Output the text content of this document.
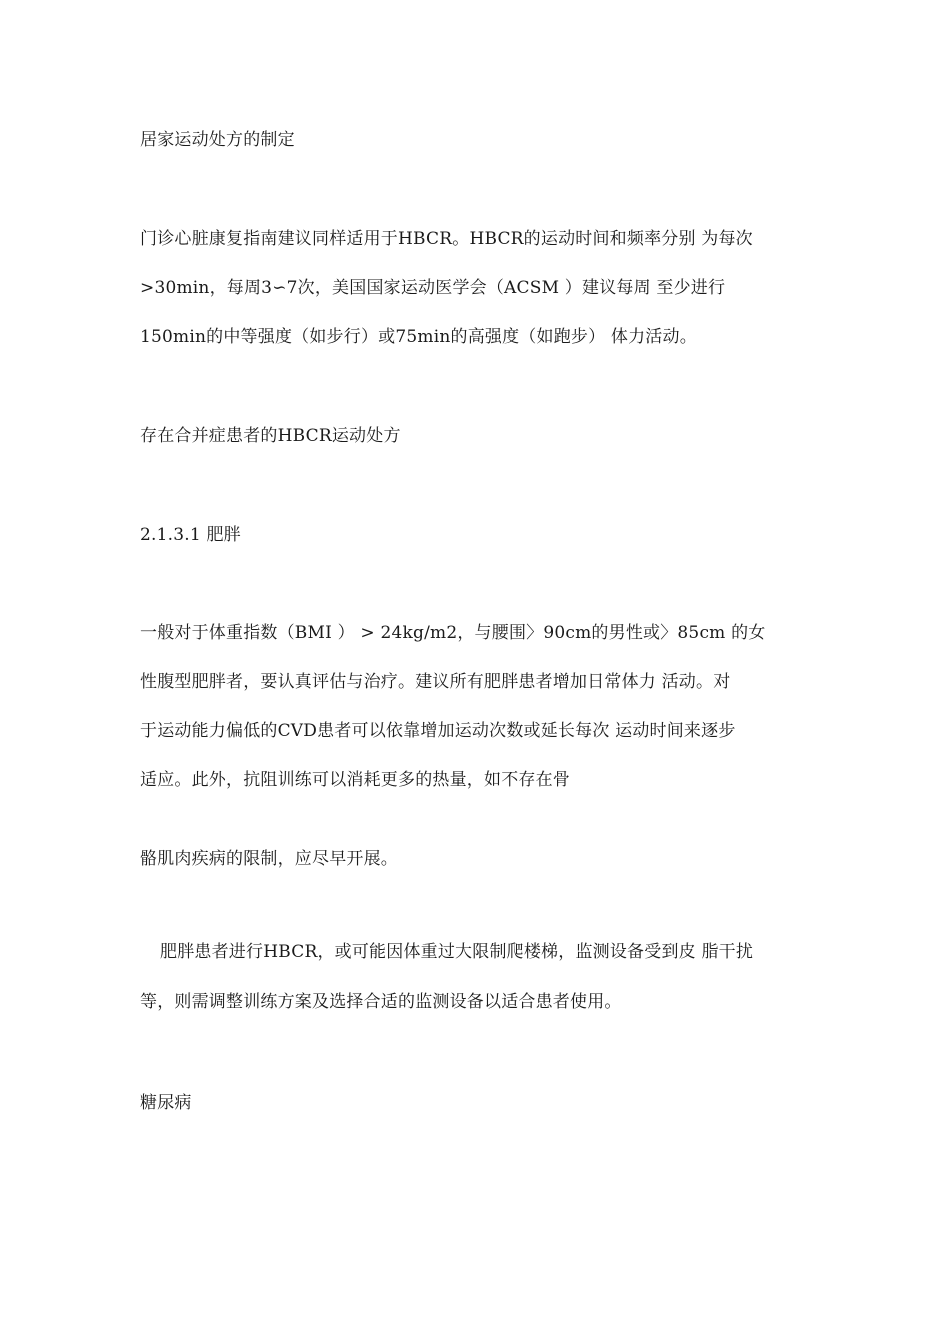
居家运动处方的制定
门诊心脏康复指南建议同样适用于HBCR。HBCR的运动时间和频率分别 为每次
>30min，每周3∽7次，美国国家运动医学会（ACSM ）建议每周 至少进行
150min的中等强度（如步行）或75min的高强度（如跑步） 体力活动。
存在合并症患者的HBCR运动处方
2.1.3.1 肥胖
一般对于体重指数（BMI ） > 24kg/m2，与腰围〉90cm的男性或〉85cm 的女
性腹型肥胖者，要认真评估与治疗。建议所有肥胖患者增加日常体力 活动。对
于运动能力偏低的CVD患者可以依靠增加运动次数或延长每次 运动时间来逐步
适应。此外，抗阻训练可以消耗更多的热量，如不存在骨
骼肌肉疾病的限制，应尽早开展。
肥胖患者进行HBCR，或可能因体重过大限制爬楼梯，监测设备受到皮 脂干扰
等，则需调整训练方案及选择合适的监测设备以适合患者使用。
糖尿病
